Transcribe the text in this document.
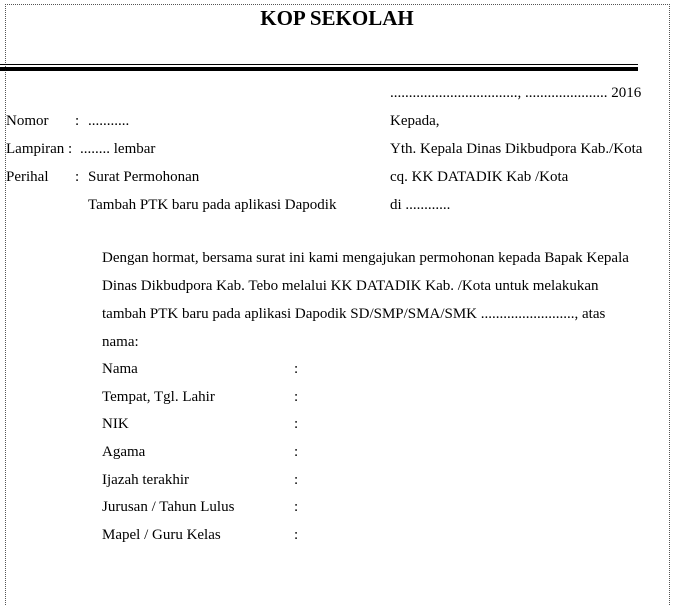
KOP SEKOLAH
.................................., ...................... 2016
Nomor : ...........
Lampiran : ........ lembar
Perihal : Surat Permohonan
Tambah PTK baru pada aplikasi Dapodik
Kepada,
Yth. Kepala Dinas Dikbudpora Kab./Kota
cq. KK DATADIK Kab /Kota
di ............
Dengan hormat, bersama surat ini kami mengajukan permohonan kepada Bapak Kepala
Dinas Dikbudpora Kab. Tebo melalui KK DATADIK Kab. /Kota untuk melakukan
tambah PTK baru pada aplikasi Dapodik SD/SMP/SMA/SMK ........................., atas
nama:
Nama	:
Tempat, Tgl. Lahir	:
NIK	:
Agama	:
Ijazah terakhir	:
Jurusan / Tahun Lulus	:
Mapel / Guru Kelas	:
